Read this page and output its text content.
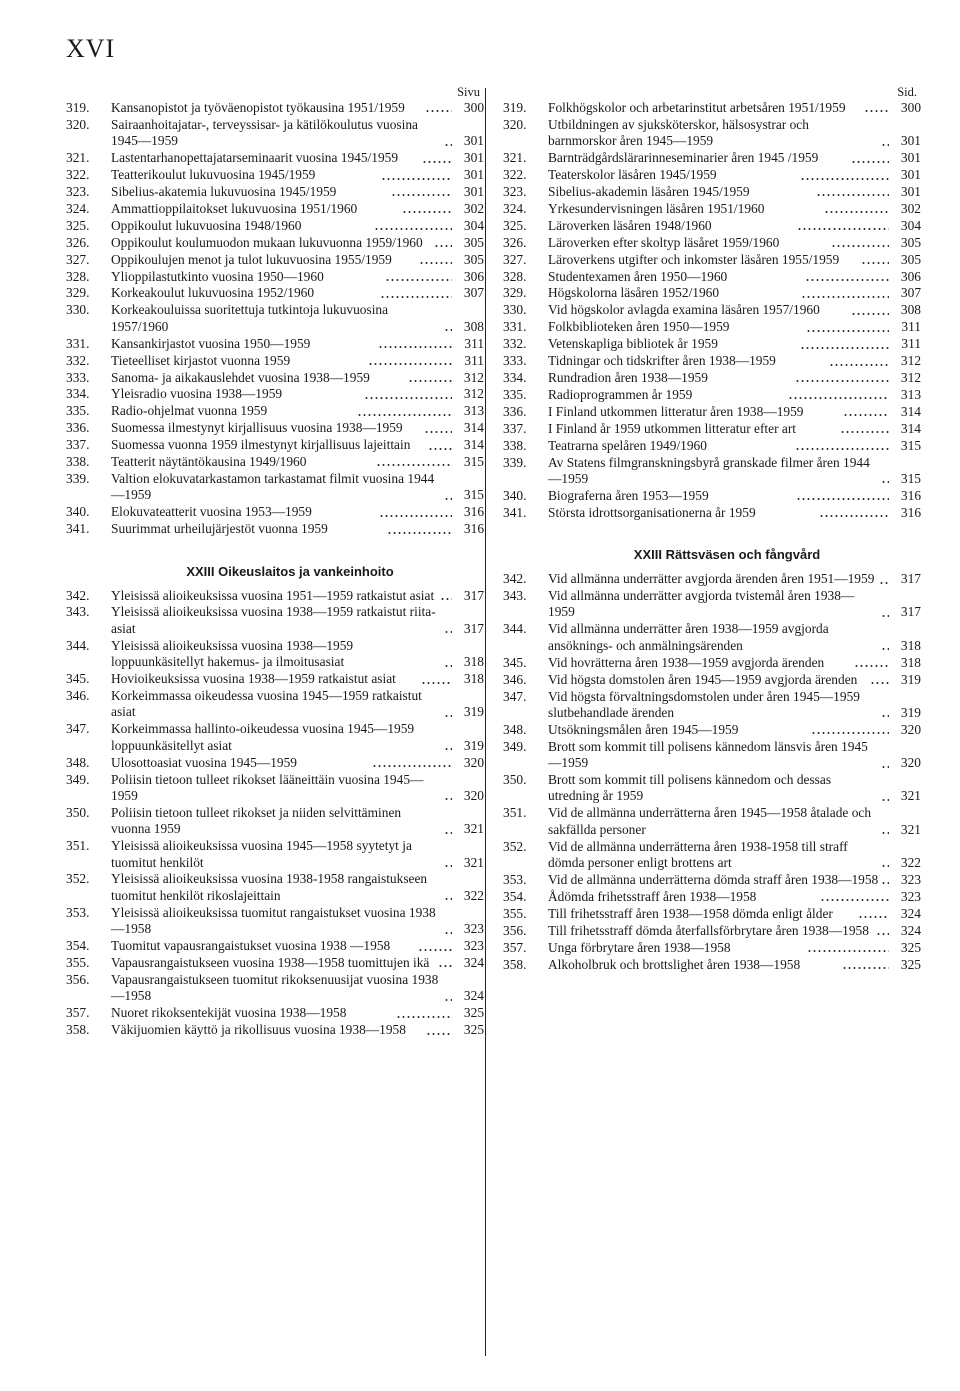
XVI
Sivu
319.	Kansanopistot ja työväenopistot työkausina 1951/1959	300
320.	Sairaanhoitajatar-, terveyssisar- ja kätilökoulutus vuosina 1945—1959	301
321.	Lastentarhanopettajatarseminaarit vuosina 1945/1959	301
322.	Teatterikoulut lukuvuosina 1945/1959	301
323.	Sibelius-akatemia lukuvuosina 1945/1959	301
324.	Ammattioppilaitokset lukuvuosina 1951/1960	302
325.	Oppikoulut lukuvuosina 1948/1960	304
326.	Oppikoulut koulumuodon mukaan lukuvuonna 1959/1960	305
327.	Oppikoulujen menot ja tulot lukuvuosina 1955/1959	305
328.	Ylioppilastutkinto vuosina 1950—1960	306
329.	Korkeakoulut lukuvuosina 1952/1960	307
330.	Korkeakouluissa suoritettuja tutkintoja lukuvuosina 1957/1960	308
331.	Kansankirjastot vuosina 1950—1959	311
332.	Tieteelliset kirjastot vuonna 1959	311
333.	Sanoma- ja aikakauslehdet vuosina 1938—1959	312
334.	Yleisradio vuosina 1938—1959	312
335.	Radio-ohjelmat vuonna 1959	313
336.	Suomessa ilmestynyt kirjallisuus vuosina 1938—1959	314
337.	Suomessa vuonna 1959 ilmestynyt kirjallisuus lajeittain	314
338.	Teatterit näytäntökausina 1949/1960	315
339.	Valtion elokuvatarkastamon tarkastamat filmit vuosina 1944—1959	315
340.	Elokuvateatterit vuosina 1953—1959	316
341.	Suurimmat urheilujärjestöt vuonna 1959	316
XXIII Oikeuslaitos ja vankeinhoito
342.	Yleisissä alioikeuksissa vuosina 1951—1959 ratkaistut asiat	317
343.	Yleisissä alioikeuksissa vuosina 1938—1959 ratkaistut riita-asiat	317
344.	Yleisissä alioikeuksissa vuosina 1938—1959 loppuunkäsitellyt hakemus- ja ilmoitusasiat	318
345.	Hovioikeuksissa vuosina 1938—1959 ratkaistut asiat	318
346.	Korkeimmassa oikeudessa vuosina 1945—1959 ratkaistut asiat	319
347.	Korkeimmassa hallinto-oikeudessa vuosina 1945—1959 loppuunkäsitellyt asiat	319
348.	Ulosottoasiat vuosina 1945—1959	320
349.	Poliisin tietoon tulleet rikokset lääneittäin vuosina 1945—1959	320
350.	Poliisin tietoon tulleet rikokset ja niiden selvittäminen vuonna 1959	321
351.	Yleisissä alioikeuksissa vuosina 1945—1958 syytetyt ja tuomitut henkilöt	321
352.	Yleisissä alioikeuksissa vuosina 1938-1958 rangaistukseen tuomitut henkilöt rikoslajeittain	322
353.	Yleisissä alioikeuksissa tuomitut rangaistukset vuosina 1938—1958	323
354.	Tuomitut vapausrangaistukset vuosina 1938 —1958	323
355.	Vapausrangaistukseen vuosina 1938—1958 tuomittujen ikä	324
356.	Vapausrangaistukseen tuomitut rikoksenuusijat vuosina 1938—1958	324
357.	Nuoret rikoksentekijät vuosina 1938—1958	325
358.	Väkijuomien käyttö ja rikollisuus vuosina 1938—1958	325
Sid.
319.	Folkhögskolor och arbetarinstitut arbetsåren 1951/1959	300
320.	Utbildningen av sjuksköterskor, hälsosystrar och barnmorskor åren 1945—1959	301
321.	Barnträdgårdslärarinneseminarier åren 1945 /1959	301
322.	Teaterskolor läsåren 1945/1959	301
323.	Sibelius-akademin läsåren 1945/1959	301
324.	Yrkesundervisningen läsåren 1951/1960	302
325.	Läroverken läsåren 1948/1960	304
326.	Läroverken efter skoltyp läsåret 1959/1960	305
327.	Läroverkens utgifter och inkomster läsåren 1955/1959	305
328.	Studentexamen åren 1950—1960	306
329.	Högskolorna läsåren 1952/1960	307
330.	Vid högskolor avlagda examina läsåren 1957/1960	308
331.	Folkbiblioteken åren 1950—1959	311
332.	Vetenskapliga bibliotek år 1959	311
333.	Tidningar och tidskrifter åren 1938—1959	312
334.	Rundradion åren 1938—1959	312
335.	Radioprogrammen år 1959	313
336.	I Finland utkommen litteratur åren 1938—1959	314
337.	I Finland år 1959 utkommen litteratur efter art	314
338.	Teatrarna spelåren 1949/1960	315
339.	Av Statens filmgranskningsbyrå granskade filmer åren 1944—1959	315
340.	Biograferna åren 1953—1959	316
341.	Största idrottsorganisationerna år 1959	316
XXIII Rättsväsen och fångvård
342.	Vid allmänna underrätter avgjorda ärenden åren 1951—1959	317
343.	Vid allmänna underrätter avgjorda tvistemål åren 1938—1959	317
344.	Vid allmänna underrätter åren 1938—1959 avgjorda ansöknings- och anmälningsärenden	318
345.	Vid hovrätterna åren 1938—1959 avgjorda ärenden	318
346.	Vid högsta domstolen åren 1945—1959 avgjorda ärenden	319
347.	Vid högsta förvaltningsdomstolen under åren 1945—1959 slutbehandlade ärenden	319
348.	Utsökningsmålen åren 1945—1959	320
349.	Brott som kommit till polisens kännedom länsvis åren 1945—1959	320
350.	Brott som kommit till polisens kännedom och dessas utredning år 1959	321
351.	Vid de allmänna underrätterna åren 1945—1958 åtalade och sakfällda personer	321
352.	Vid de allmänna underrätterna åren 1938-1958 till straff dömda personer enligt brottens art	322
353.	Vid de allmänna underrätterna dömda straff åren 1938—1958	323
354.	Ådömda frihetsstraff åren 1938—1958	323
355.	Till frihetsstraff åren 1938—1958 dömda enligt ålder	324
356.	Till frihetsstraff dömda återfallsförbrytare åren 1938—1958	324
357.	Unga förbrytare åren 1938—1958	325
358.	Alkoholbruk och brottslighet åren 1938—1958	325
